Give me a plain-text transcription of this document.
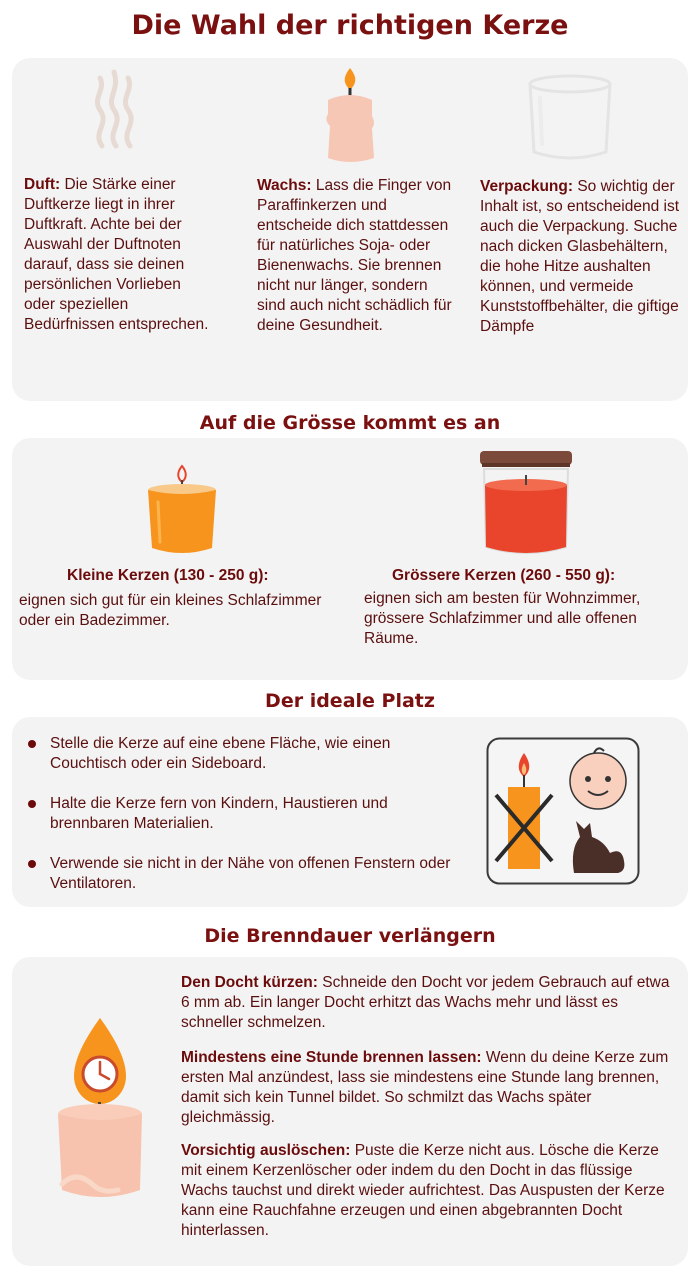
Die Wahl der richtigen Kerze
Duft: Die Stärke einer Duftkerze liegt in ihrer Duftkraft. Achte bei der Auswahl der Duftnoten darauf, dass sie deinen persönlichen Vorlieben oder speziellen Bedürfnissen entsprechen.
Wachs: Lass die Finger von Paraffinkerzen und entscheide dich stattdessen für natürliches Soja- oder Bienenwachs. Sie brennen nicht nur länger, sondern sind auch nicht schädlich für deine Gesundheit.
Verpackung: So wichtig der Inhalt ist, so entscheidend ist auch die Verpackung. Suche nach dicken Glasbehältern, die hohe Hitze aushalten können, und vermeide Kunststoffbehälter, die giftige Dämpfe
Auf die Grösse kommt es an
Kleine Kerzen (130 - 250 g):
eignen sich gut für ein kleines Schlafzimmer oder ein Badezimmer.
Grössere Kerzen (260 - 550 g):
eignen sich am besten für Wohnzimmer, grössere Schlafzimmer und alle offenen Räume.
Der ideale Platz
Stelle die Kerze auf eine ebene Fläche, wie einen Couchtisch oder ein Sideboard.
Halte die Kerze fern von Kindern, Haustieren und brennbaren Materialien.
Verwende sie nicht in der Nähe von offenen Fenstern oder Ventilatoren.
Die Brenndauer verlängern
Den Docht kürzen: Schneide den Docht vor jedem Gebrauch auf etwa 6 mm ab. Ein langer Docht erhitzt das Wachs mehr und lässt es schneller schmelzen.
Mindestens eine Stunde brennen lassen: Wenn du deine Kerze zum ersten Mal anzündest, lass sie mindestens eine Stunde lang brennen, damit sich kein Tunnel bildet. So schmilzt das Wachs später gleichmässig.
Vorsichtig auslöschen: Puste die Kerze nicht aus. Lösche die Kerze mit einem Kerzenlöscher oder indem du den Docht in das flüssige Wachs tauchst und direkt wieder aufrichtest. Das Auspusten der Kerze kann eine Rauchfahne erzeugen und einen abgebrannten Docht hinterlassen.
